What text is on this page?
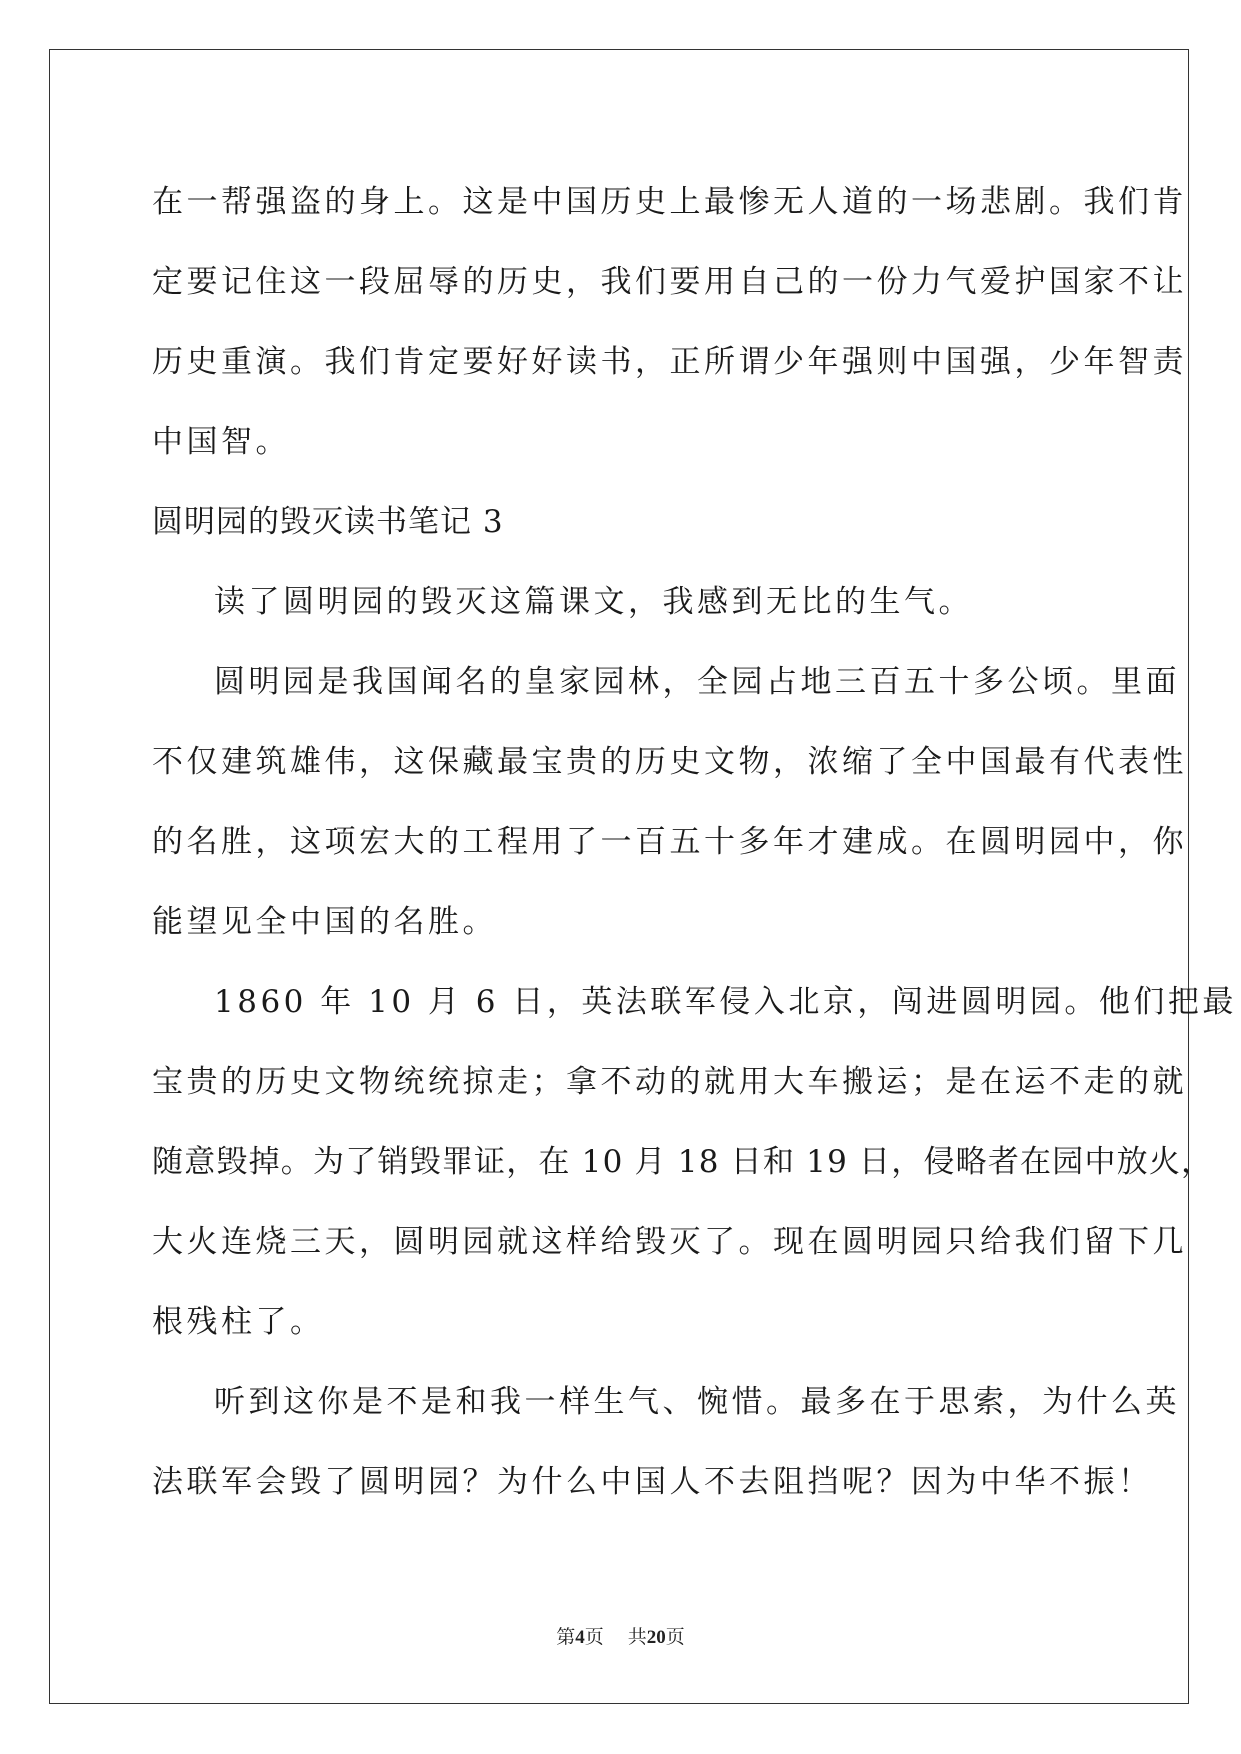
在一帮强盗的身上。这是中国历史上最惨无人道的一场悲剧。我们肯
定要记住这一段屈辱的历史，我们要用自己的一份力气爱护国家不让
历史重演。我们肯定要好好读书，正所谓少年强则中国强，少年智责
中国智。
圆明园的毁灭读书笔记 3
读了圆明园的毁灭这篇课文，我感到无比的生气。
圆明园是我国闻名的皇家园林，全园占地三百五十多公顷。里面
不仅建筑雄伟，这保藏最宝贵的历史文物，浓缩了全中国最有代表性
的名胜，这项宏大的工程用了一百五十多年才建成。在圆明园中，你
能望见全中国的名胜。
1860 年 10 月 6 日，英法联军侵入北京，闯进圆明园。他们把最
宝贵的历史文物统统掠走；拿不动的就用大车搬运；是在运不走的就
随意毁掉。为了销毁罪证，在 10 月 18 日和 19 日，侵略者在园中放火，
大火连烧三天，圆明园就这样给毁灭了。现在圆明园只给我们留下几
根残柱了。
听到这你是不是和我一样生气、惋惜。最多在于思索，为什么英
法联军会毁了圆明园？为什么中国人不去阻挡呢？因为中华不振！
第4页 共20页
